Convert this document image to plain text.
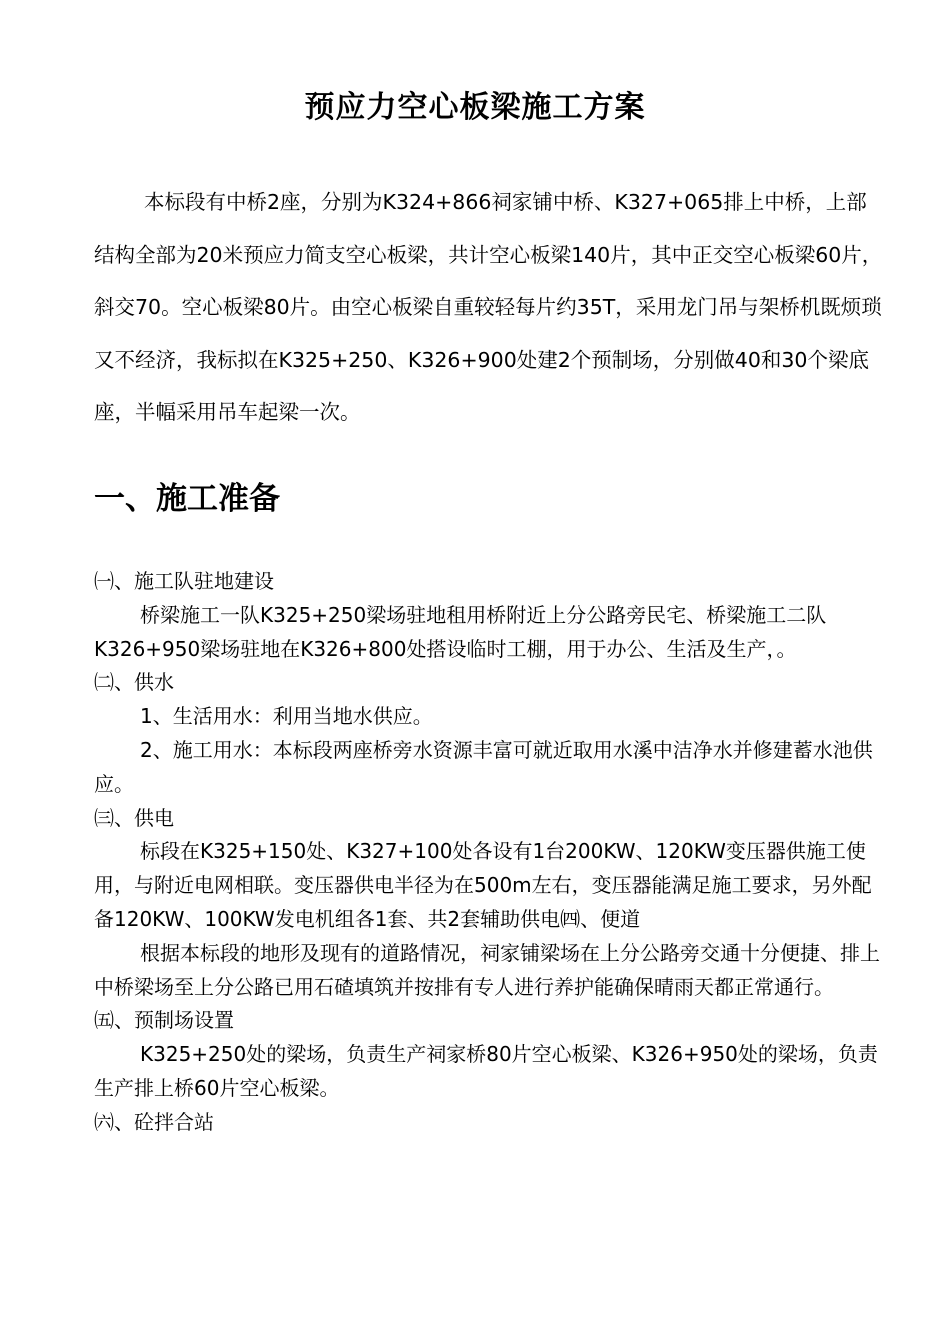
预应力空心板梁施工方案

本标段有中桥2座，分别为K324+866祠家铺中桥、K327+065排上中桥，上部结构全部为20米预应力简支空心板梁，共计空心板梁140片，其中正交空心板梁60片，斜交70。空心板梁80片。由空心板梁自重较轻每片约35T，采用龙门吊与架桥机既烦琐又不经济，我标拟在K325+250、K326+900处建2个预制场，分别做40和30个梁底座，半幅采用吊车起梁一次。

一、施工准备

㈠、施工队驻地建设

桥梁施工一队K325+250梁场驻地租用桥附近上分公路旁民宅、桥梁施工二队K326+950梁场驻地在K326+800处搭设临时工棚，用于办公、生活及生产，。

㈡、供水

1、生活用水：利用当地水供应。

2、施工用水：本标段两座桥旁水资源丰富可就近取用水溪中洁净水并修建蓄水池供应。

㈢、供电

标段在K325+150处、K327+100处各设有1台200KW、120KW变压器供施工使用，与附近电网相联。变压器供电半径为在500m左右，变压器能满足施工要求，另外配备120KW、100KW发电机组各1套、共2套辅助供电㈣、便道

根据本标段的地形及现有的道路情况，祠家铺梁场在上分公路旁交通十分便捷、排上中桥梁场至上分公路已用石碴填筑并按排有专人进行养护能确保晴雨天都正常通行。

㈤、预制场设置

K325+250处的梁场，负责生产祠家桥80片空心板梁、K326+950处的梁场，负责生产排上桥60片空心板梁。

㈥、砼拌合站
